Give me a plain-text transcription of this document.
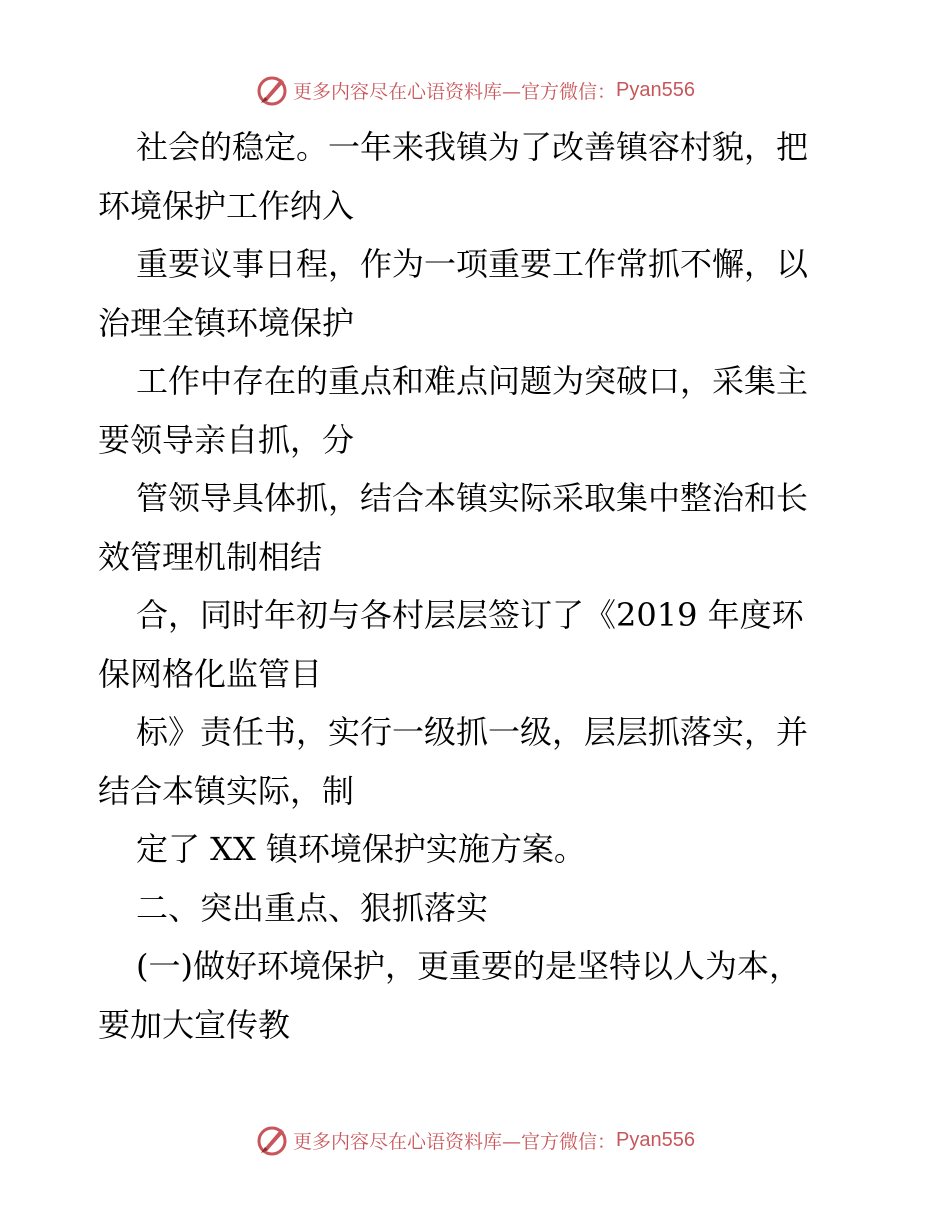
更多内容尽在心语资料库—官方微信： Pyan556
社会的稳定。一年来我镇为了改善镇容村貌，把
环境保护工作纳入
重要议事日程，作为一项重要工作常抓不懈，以
治理全镇环境保护
工作中存在的重点和难点问题为突破口，采集主
要领导亲自抓，分
管领导具体抓，结合本镇实际采取集中整治和长
效管理机制相结
合，同时年初与各村层层签订了《2019 年度环
保网格化监管目
标》责任书，实行一级抓一级，层层抓落实，并
结合本镇实际，制
定了 XX 镇环境保护实施方案。
二、突出重点、狠抓落实
(一)做好环境保护，更重要的是坚特以人为本，
要加大宣传教
更多内容尽在心语资料库—官方微信： Pyan556
